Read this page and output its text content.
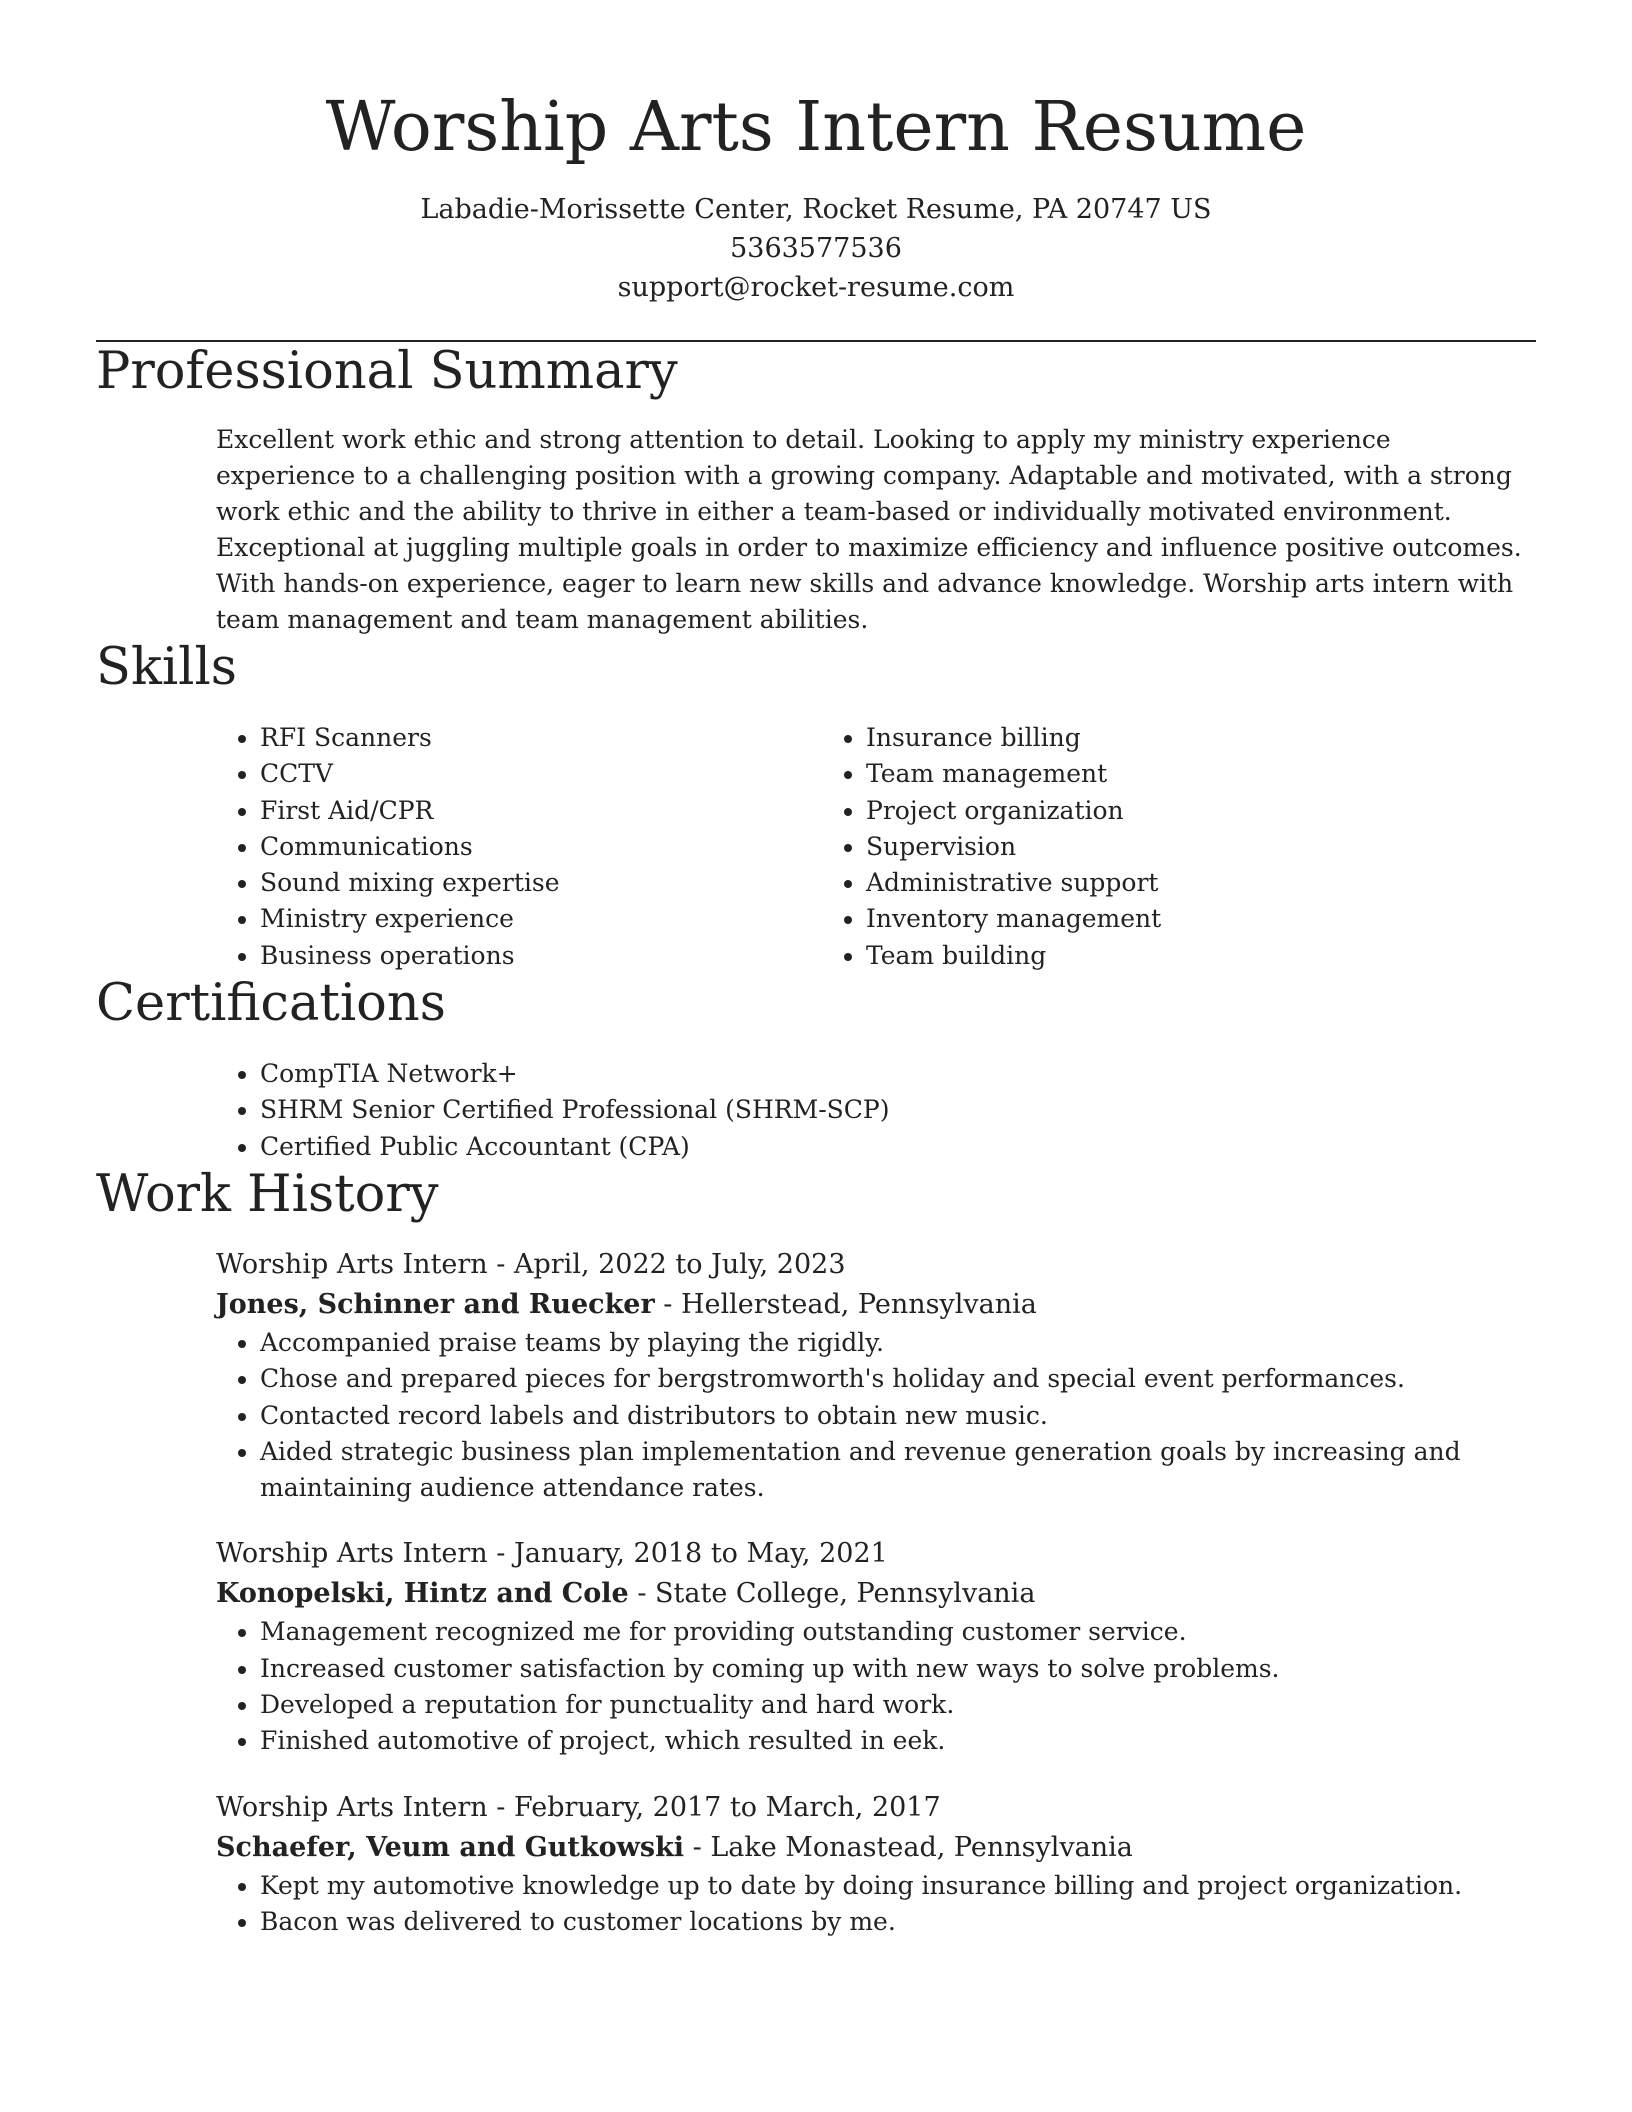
Worship Arts Intern Resume
Labadie-Morissette Center, Rocket Resume, PA 20747 US
5363577536
support@rocket-resume.com
Professional Summary

Excellent work ethic and strong attention to detail. Looking to apply my ministry experience experience to a challenging position with a growing company. Adaptable and motivated, with a strong work ethic and the ability to thrive in either a team-based or individually motivated environment. Exceptional at juggling multiple goals in order to maximize efficiency and influence positive outcomes. With hands-on experience, eager to learn new skills and advance knowledge. Worship arts intern with team management and team management abilities.

Skills
• RFI Scanners
• CCTV
• First Aid/CPR
• Communications
• Sound mixing expertise
• Ministry experience
• Business operations
• Insurance billing
• Team management
• Project organization
• Supervision
• Administrative support
• Inventory management
• Team building
Certifications
• CompTIA Network+
• SHRM Senior Certified Professional (SHRM-SCP)
• Certified Public Accountant (CPA)
Work History
Worship Arts Intern - April, 2022 to July, 2023
Jones, Schinner and Ruecker - Hellerstead, Pennsylvania
• Accompanied praise teams by playing the rigidly.
• Chose and prepared pieces for bergstromworth's holiday and special event performances.
• Contacted record labels and distributors to obtain new music.
• Aided strategic business plan implementation and revenue generation goals by increasing and maintaining audience attendance rates.
Worship Arts Intern - January, 2018 to May, 2021
Konopelski, Hintz and Cole - State College, Pennsylvania
• Management recognized me for providing outstanding customer service.
• Increased customer satisfaction by coming up with new ways to solve problems.
• Developed a reputation for punctuality and hard work.
• Finished automotive of project, which resulted in eek.
Worship Arts Intern - February, 2017 to March, 2017
Schaefer, Veum and Gutkowski - Lake Monastead, Pennsylvania
• Kept my automotive knowledge up to date by doing insurance billing and project organization.
• Bacon was delivered to customer locations by me.
